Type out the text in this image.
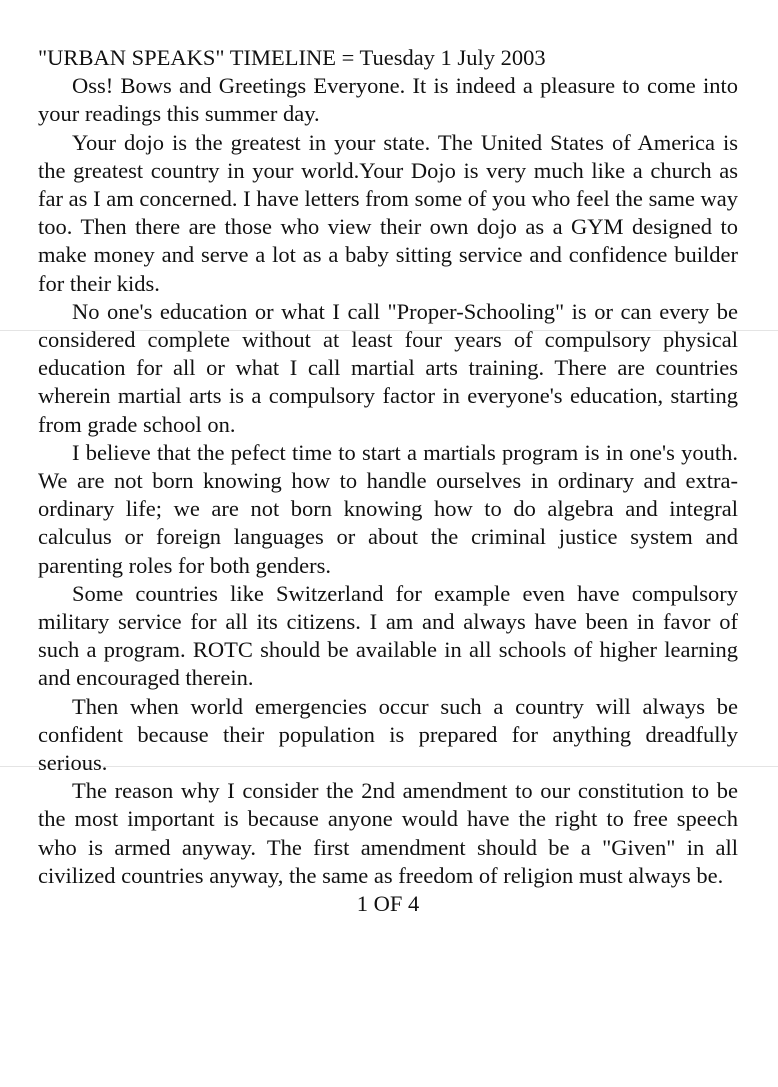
"URBAN SPEAKS" TIMELINE = Tuesday 1 July 2003

Oss! Bows and Greetings Everyone. It is indeed a pleasure to come into your readings this summer day.

Your dojo is the greatest in your state. The United States of America is the greatest country in your world.Your Dojo is very much like a church as far as I am concerned. I have letters from some of you who feel the same way too. Then there are those who view their own dojo as a GYM designed to make money and serve a lot as a baby sitting service and confidence builder for their kids.

No one's education or what I call "Proper-Schooling" is or can every be considered complete without at least four years of compulsory physical education for all or what I call martial arts training. There are countries wherein martial arts is a compulsory factor in everyone's education, starting from grade school on.

I believe that the pefect time to start a martials program is in one's youth. We are not born knowing how to handle ourselves in ordinary and extra-ordinary life; we are not born knowing how to do algebra and integral calculus or foreign languages or about the criminal justice system and parenting roles for both genders.

Some countries like Switzerland for example even have compulsory military service for all its citizens. I am and always have been in favor of such a program. ROTC should be available in all schools of higher learning and encouraged therein.

Then when world emergencies occur such a country will always be confident because their population is prepared for anything dreadfully serious.

The reason why I consider the 2nd amendment to our constitution to be the most important is because anyone would have the right to free speech who is armed anyway. The first amendment should be a "Given" in all civilized countries anyway, the same as freedom of religion must always be.

1 OF 4
